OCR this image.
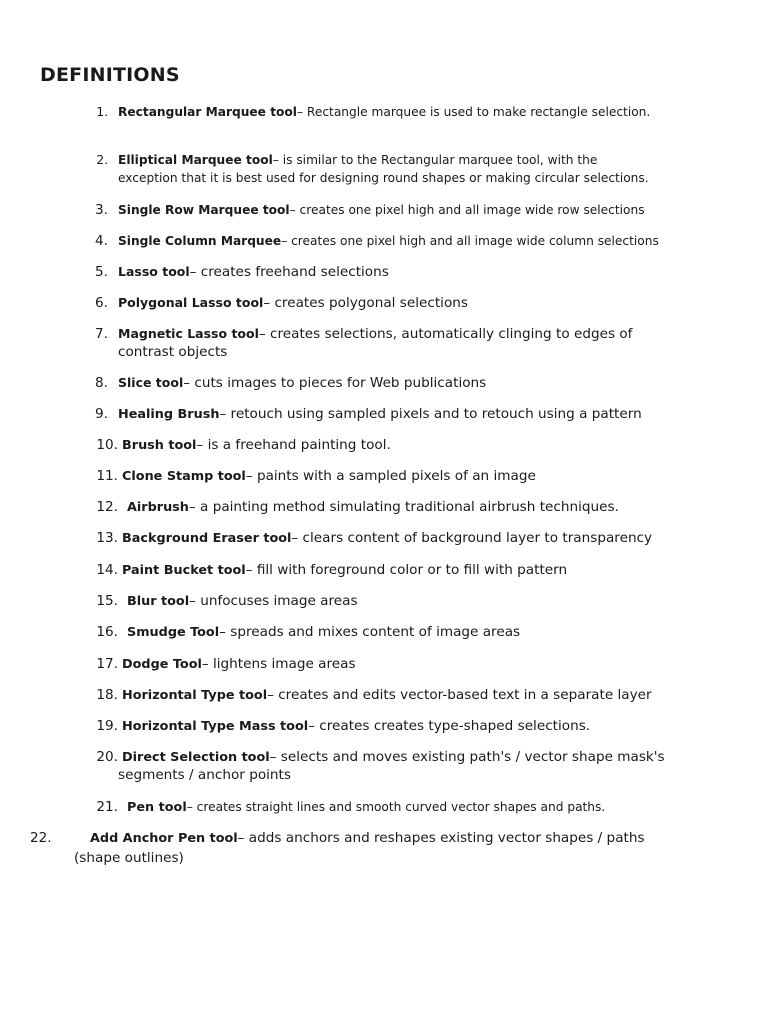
DEFINITIONS
1. Rectangular Marquee tool– Rectangle marquee is used to make rectangle selection.
2. Elliptical Marquee tool– is similar to the Rectangular marquee tool, with the
exception that it is best used for designing round shapes or making circular selections.
3. Single Row Marquee tool– creates one pixel high and all image wide row selections
4. Single Column Marquee– creates one pixel high and all image wide column selections
5. Lasso tool– creates freehand selections
6. Polygonal Lasso tool– creates polygonal selections
7. Magnetic Lasso tool– creates selections, automatically clinging to edges of
contrast objects
8. Slice tool– cuts images to pieces for Web publications
9. Healing Brush– retouch using sampled pixels and to retouch using a pattern
10. Brush tool– is a freehand painting tool.
11. Clone Stamp tool– paints with a sampled pixels of an image
12. Airbrush– a painting method simulating traditional airbrush techniques.
13. Background Eraser tool– clears content of background layer to transparency
14. Paint Bucket tool– fill with foreground color or to fill with pattern
15. Blur tool– unfocuses image areas
16. Smudge Tool– spreads and mixes content of image areas
17. Dodge Tool– lightens image areas
18. Horizontal Type tool– creates and edits vector-based text in a separate layer
19. Horizontal Type Mass tool– creates creates type-shaped selections.
20. Direct Selection tool– selects and moves existing path's / vector shape mask's
segments / anchor points
21. Pen tool– creates straight lines and smooth curved vector shapes and paths.
22.	Add Anchor Pen tool– adds anchors and reshapes existing vector shapes / paths
(shape outlines)
